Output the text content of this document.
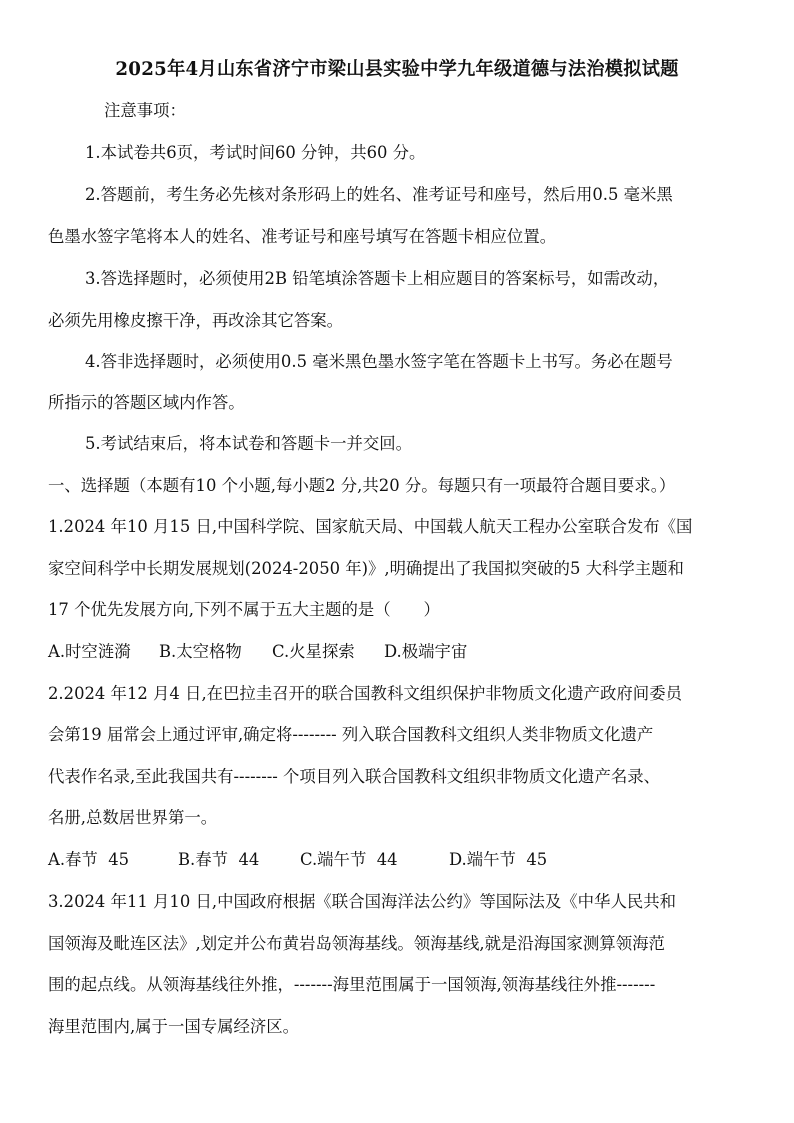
2025年4月山东省济宁市梁山县实验中学九年级道德与法治模拟试题
注意事项：
1.本试卷共6页，考试时间60 分钟，共60 分。
2.答题前，考生务必先核对条形码上的姓名、准考证号和座号，然后用0.5 毫米黑
色墨水签字笔将本人的姓名、准考证号和座号填写在答题卡相应位置。
3.答选择题时，必须使用2B 铅笔填涂答题卡上相应题目的答案标号，如需改动，
必须先用橡皮擦干净，再改涂其它答案。
4.答非选择题时，必须使用0.5 毫米黑色墨水签字笔在答题卡上书写。务必在题号
所指示的答题区域内作答。
5.考试结束后，将本试卷和答题卡一并交回。
一、选择题（本题有10 个小题,每小题2 分,共20 分。每题只有一项最符合题目要求。）
1.2024 年10 月15 日,中国科学院、国家航天局、中国载人航天工程办公室联合发布《国
家空间科学中长期发展规划(2024-2050 年)》,明确提出了我国拟突破的5 大科学主题和
17 个优先发展方向,下列不属于五大主题的是（　　）
A.时空涟漪 B.太空格物 C.火星探索 D.极端宇宙
2.2024 年12 月4 日,在巴拉圭召开的联合国教科文组织保护非物质文化遗产政府间委员
会第19 届常会上通过评审,确定将-------- 列入联合国教科文组织人类非物质文化遗产
代表作名录,至此我国共有-------- 个项目列入联合国教科文组织非物质文化遗产名录、
名册,总数居世界第一。
A.春节  45	B.春节  44 C.端午节  44	D.端午节  45
3.2024 年11 月10 日,中国政府根据《联合国海洋法公约》等国际法及《中华人民共和
国领海及毗连区法》,划定并公布黄岩岛领海基线。领海基线,就是沿海国家测算领海范
围的起点线。从领海基线往外推，-------海里范围属于一国领海,领海基线往外推-------
海里范围内,属于一国专属经济区。
